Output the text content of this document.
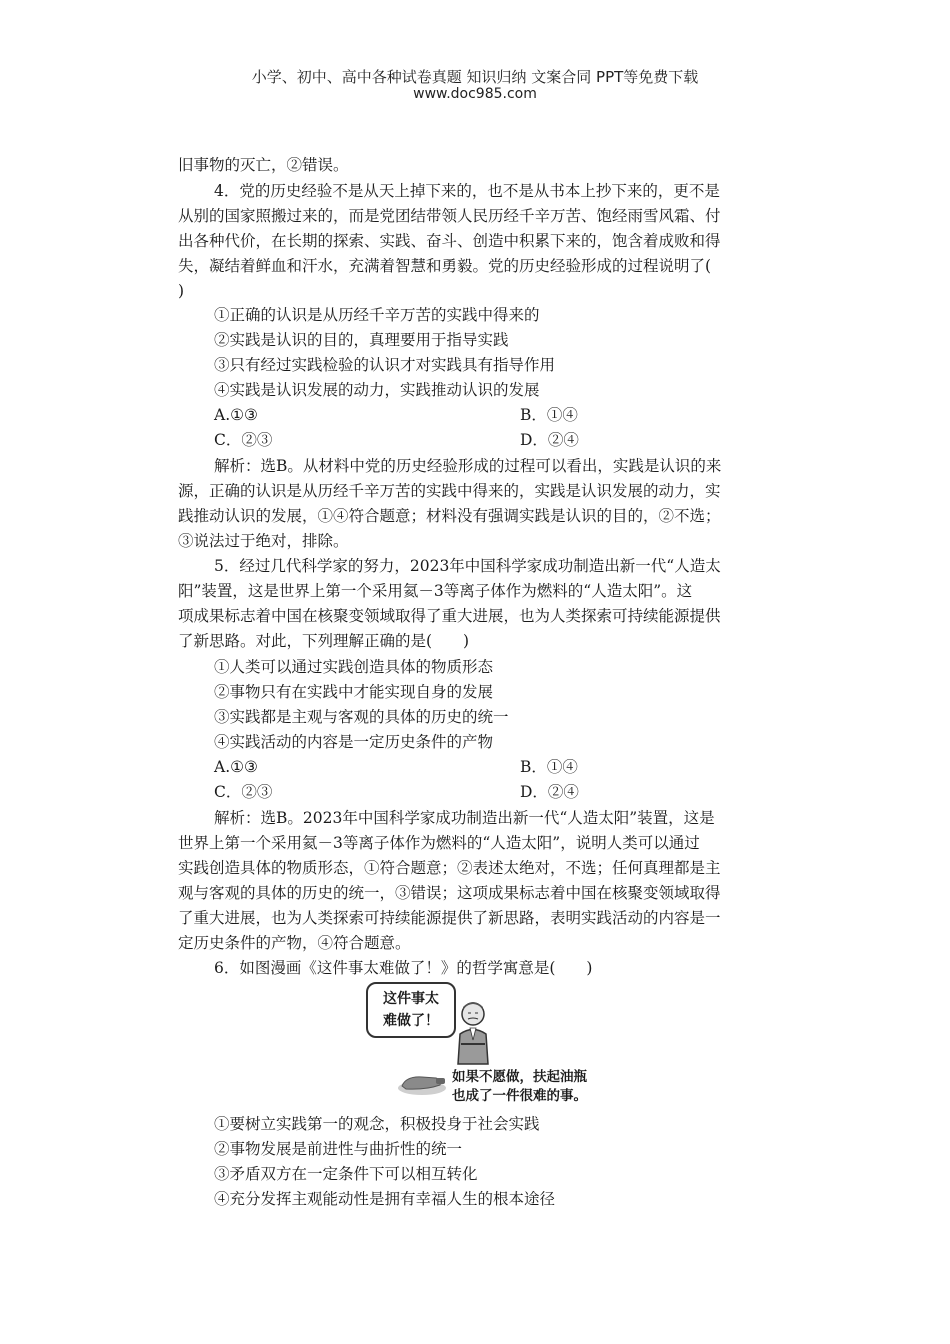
小学、初中、高中各种试卷真题 知识归纳 文案合同 PPT等免费下载
www.doc985.com
旧事物的灭亡，②错误。
4．党的历史经验不是从天上掉下来的，也不是从书本上抄下来的，更不是
从别的国家照搬过来的，而是党团结带领人民历经千辛万苦、饱经雨雪风霜、付
出各种代价，在长期的探索、实践、奋斗、创造中积累下来的，饱含着成败和得
失，凝结着鲜血和汗水，充满着智慧和勇毅。党的历史经验形成的过程说明了(
)
①正确的认识是从历经千辛万苦的实践中得来的
②实践是认识的目的，真理要用于指导实践
③只有经过实践检验的认识才对实践具有指导作用
④实践是认识发展的动力，实践推动认识的发展
A.①③	B．①④
C．②③	D．②④
解析：选B。从材料中党的历史经验形成的过程可以看出，实践是认识的来
源，正确的认识是从历经千辛万苦的实践中得来的，实践是认识发展的动力，实
践推动认识的发展，①④符合题意；材料没有强调实践是认识的目的，②不选；
③说法过于绝对，排除。
5．经过几代科学家的努力，2023年中国科学家成功制造出新一代“人造太
阳”装置，这是世界上第一个采用氦－3等离子体作为燃料的“人造太阳”。这
项成果标志着中国在核聚变领域取得了重大进展，也为人类探索可持续能源提供
了新思路。对此，下列理解正确的是(　　)
①人类可以通过实践创造具体的物质形态
②事物只有在实践中才能实现自身的发展
③实践都是主观与客观的具体的历史的统一
④实践活动的内容是一定历史条件的产物
A.①③	B．①④
C．②③	D．②④
解析：选B。2023年中国科学家成功制造出新一代“人造太阳”装置，这是
世界上第一个采用氦－3等离子体作为燃料的“人造太阳”，说明人类可以通过
实践创造具体的物质形态，①符合题意；②表述太绝对，不选；任何真理都是主
观与客观的具体的历史的统一，③错误；这项成果标志着中国在核聚变领域取得
了重大进展，也为人类探索可持续能源提供了新思路，表明实践活动的内容是一
定历史条件的产物，④符合题意。
6．如图漫画《这件事太难做了！》的哲学寓意是(　　)
这件事太
难做了！
如果不愿做，扶起油瓶
也成了一件很难的事。
①要树立实践第一的观念，积极投身于社会实践
②事物发展是前进性与曲折性的统一
③矛盾双方在一定条件下可以相互转化
④充分发挥主观能动性是拥有幸福人生的根本途径
